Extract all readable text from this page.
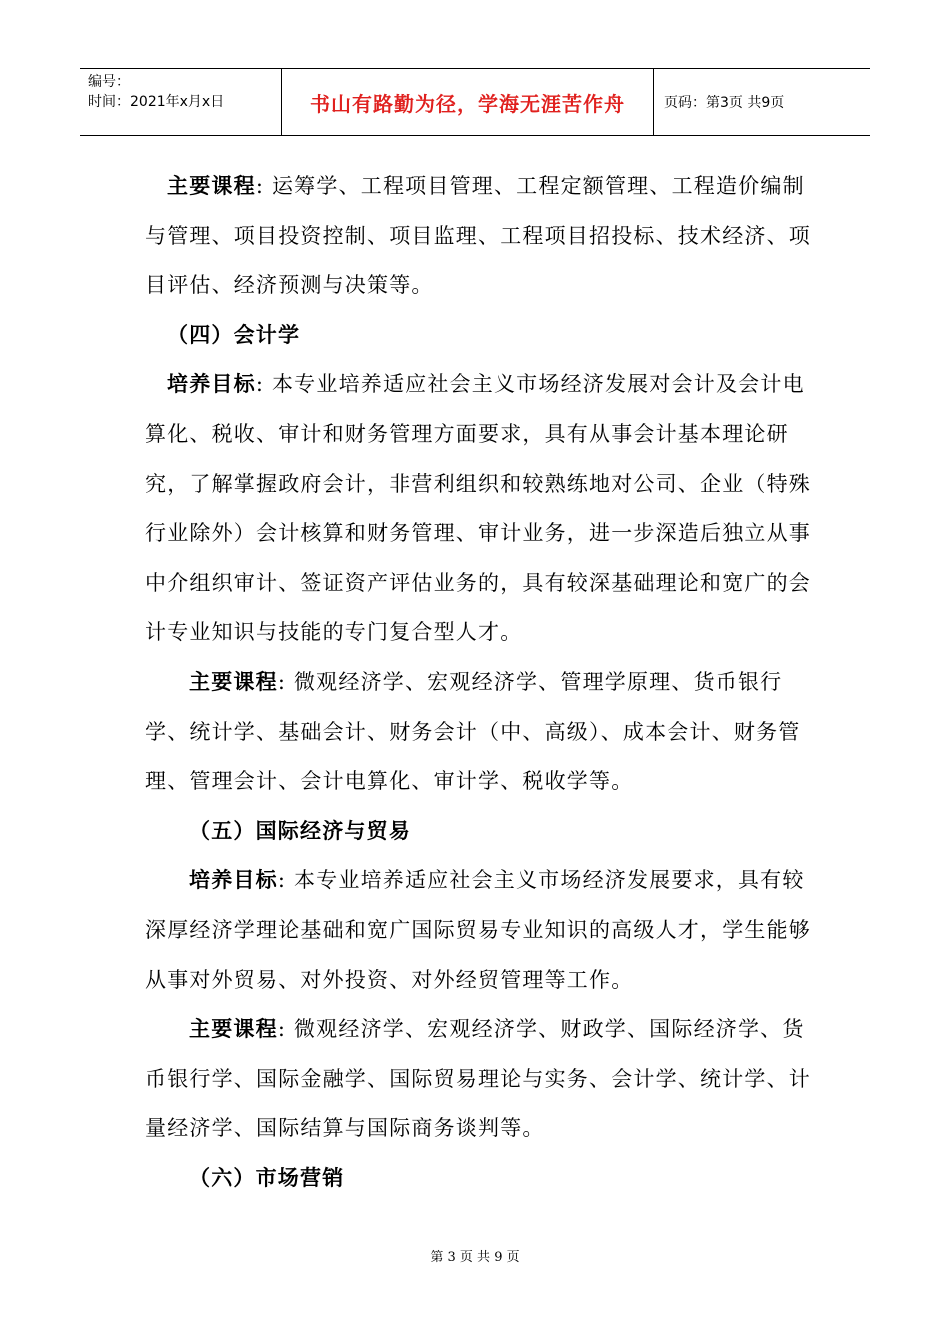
编号：
时间：2021年x月x日	书山有路勤为径，学海无涯苦作舟	页码：第3页 共9页

主要课程: 运筹学、工程项目管理、工程定额管理、工程造价编制与管理、项目投资控制、项目监理、工程项目招投标、技术经济、项目评估、经济预测与决策等。

（四）会计学

培养目标: 本专业培养适应社会主义市场经济发展对会计及会计电算化、税收、审计和财务管理方面要求，具有从事会计基本理论研究，了解掌握政府会计，非营利组织和较熟练地对公司、企业（特殊行业除外）会计核算和财务管理、审计业务，进一步深造后独立从事中介组织审计、签证资产评估业务的，具有较深基础理论和宽广的会计专业知识与技能的专门复合型人才。

主要课程: 微观经济学、宏观经济学、管理学原理、货币银行学、统计学、基础会计、财务会计（中、高级）、成本会计、财务管理、管理会计、会计电算化、审计学、税收学等。

（五）国际经济与贸易

培养目标: 本专业培养适应社会主义市场经济发展要求，具有较深厚经济学理论基础和宽广国际贸易专业知识的高级人才，学生能够从事对外贸易、对外投资、对外经贸管理等工作。

主要课程: 微观经济学、宏观经济学、财政学、国际经济学、货币银行学、国际金融学、国际贸易理论与实务、会计学、统计学、计量经济学、国际结算与国际商务谈判等。

（六）市场营销

第 3 页 共 9 页
